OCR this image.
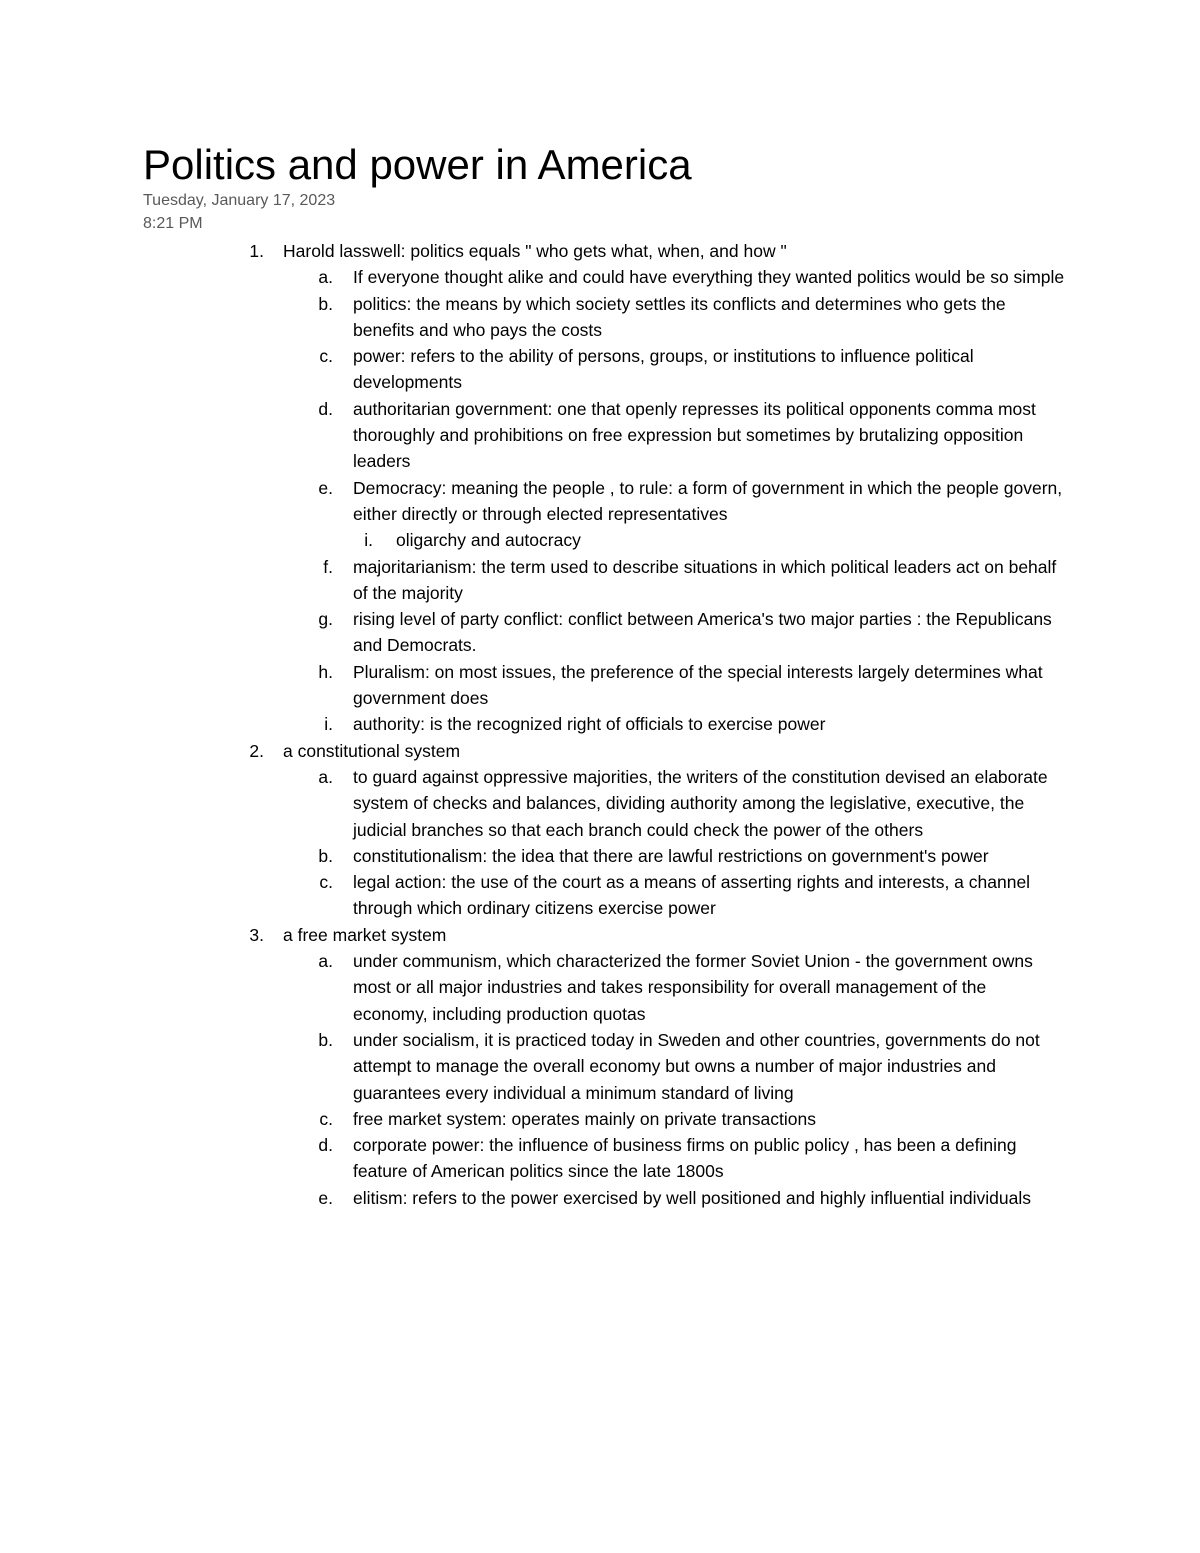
Politics and power in America
Tuesday, January 17, 2023
8:21 PM
1. Harold lasswell: politics equals " who gets what, when, and how "
a. If everyone thought alike and could have everything they wanted politics would be so simple
b. politics: the means by which society settles its conflicts and determines who gets the benefits and who pays the costs
c. power: refers to the ability of persons, groups, or institutions to influence political developments
d. authoritarian government: one that openly represses its political opponents comma most thoroughly and prohibitions on free expression but sometimes by brutalizing opposition leaders
e. Democracy: meaning the people , to rule: a form of government in which the people govern, either directly or through elected representatives
i. oligarchy and autocracy
f. majoritarianism: the term used to describe situations in which political leaders act on behalf of the majority
g. rising level of party conflict: conflict between America's two major parties : the Republicans and Democrats.
h. Pluralism: on most issues, the preference of the special interests largely determines what government does
i. authority: is the recognized right of officials to exercise power
2. a constitutional system
a. to guard against oppressive majorities, the writers of the constitution devised an elaborate system of checks and balances, dividing authority among the legislative, executive, the judicial branches so that each branch could check the power of the others
b. constitutionalism: the idea that there are lawful restrictions on government's power
c. legal action: the use of the court as a means of asserting rights and interests, a channel through which ordinary citizens exercise power
3. a free market system
a. under communism, which characterized the former Soviet Union - the government owns most or all major industries and takes responsibility for overall management of the economy, including production quotas
b. under socialism, it is practiced today in Sweden and other countries, governments do not attempt to manage the overall economy but owns a number of major industries and guarantees every individual a minimum standard of living
c. free market system: operates mainly on private transactions
d. corporate power: the influence of business firms on public policy , has been a defining feature of American politics since the late 1800s
e. elitism: refers to the power exercised by well positioned and highly influential individuals
